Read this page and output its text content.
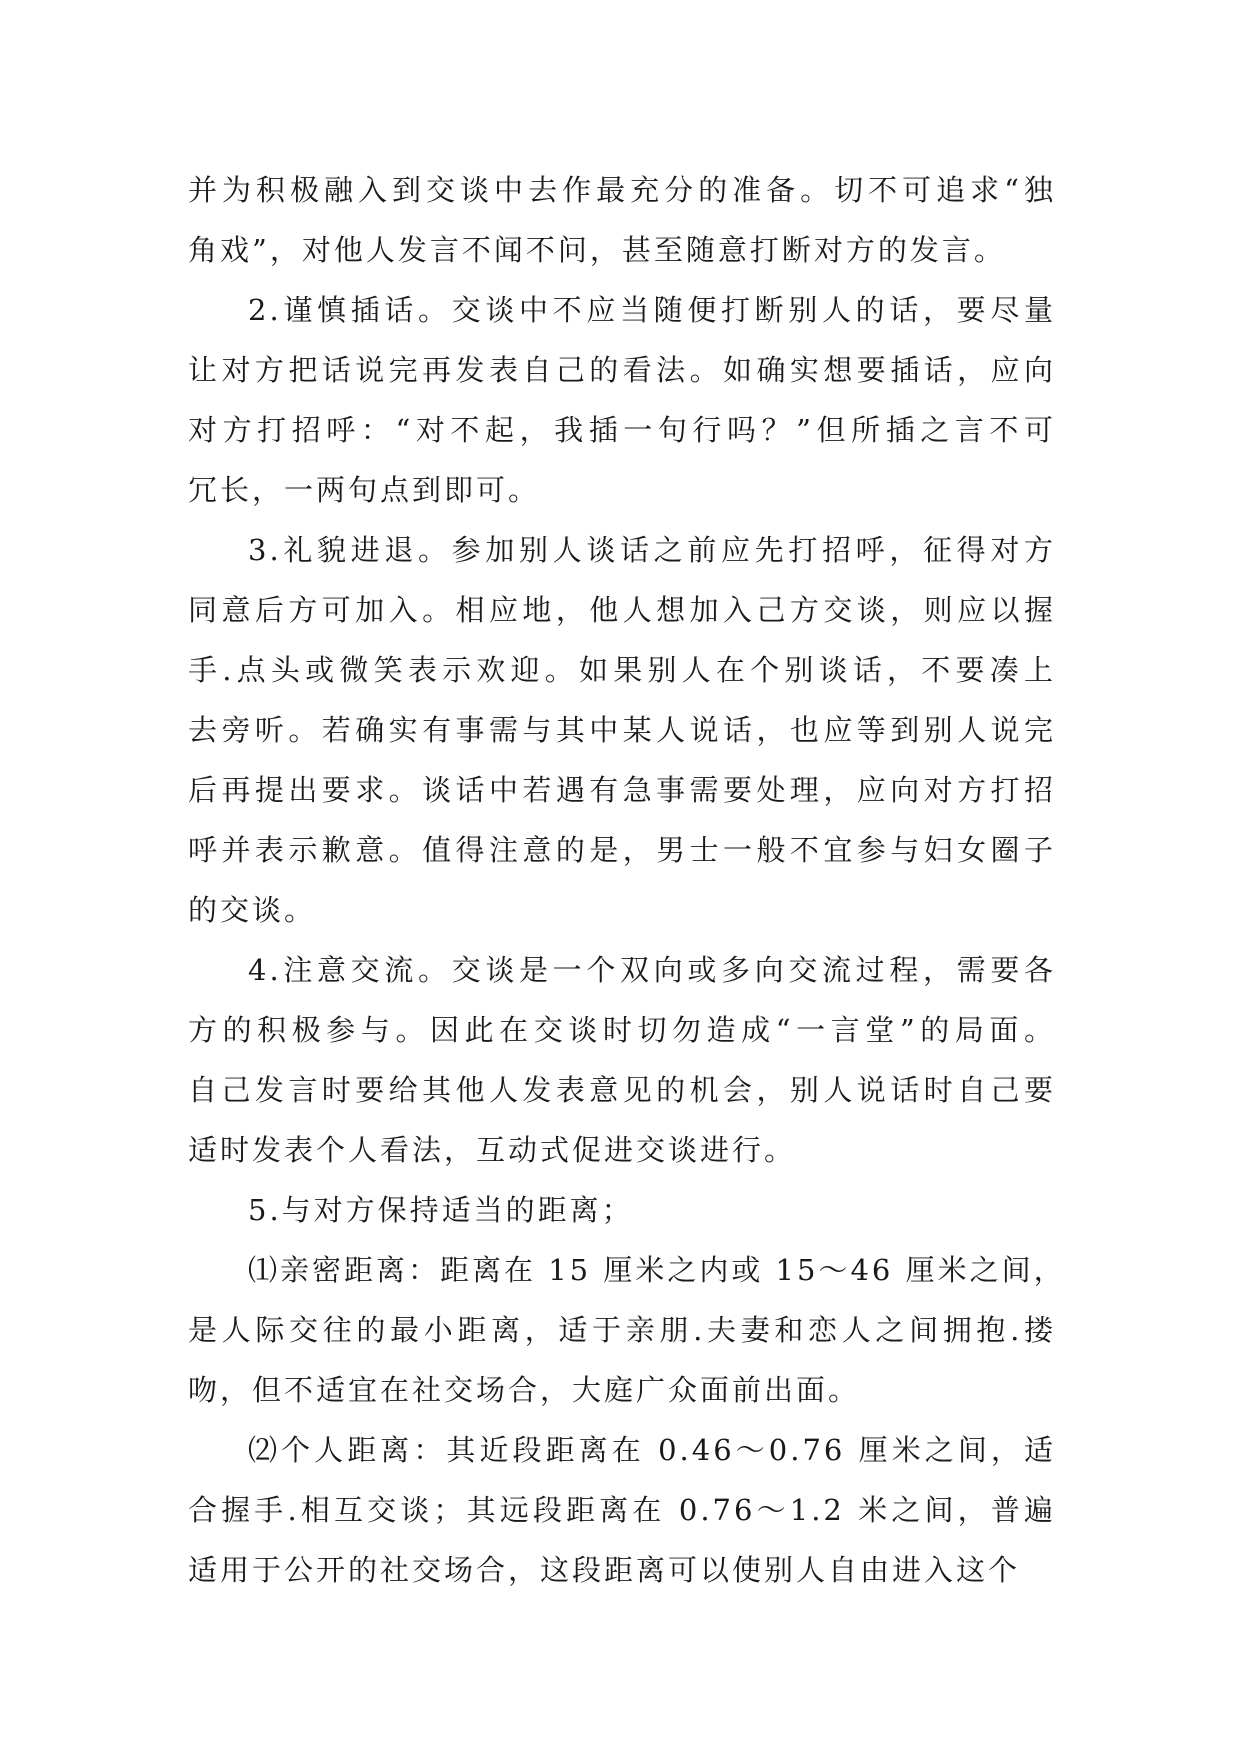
并为积极融入到交谈中去作最充分的准备。切不可追求“独
角戏”，对他人发言不闻不问，甚至随意打断对方的发言。
2.谨慎插话。交谈中不应当随便打断别人的话，要尽量
让对方把话说完再发表自己的看法。如确实想要插话，应向
对方打招呼：“对不起，我插一句行吗？”但所插之言不可
冗长，一两句点到即可。
3.礼貌进退。参加别人谈话之前应先打招呼，征得对方
同意后方可加入。相应地，他人想加入己方交谈，则应以握
手.点头或微笑表示欢迎。如果别人在个别谈话，不要凑上
去旁听。若确实有事需与其中某人说话，也应等到别人说完
后再提出要求。谈话中若遇有急事需要处理，应向对方打招
呼并表示歉意。值得注意的是，男士一般不宜参与妇女圈子
的交谈。
4.注意交流。交谈是一个双向或多向交流过程，需要各
方的积极参与。因此在交谈时切勿造成“一言堂”的局面。
自己发言时要给其他人发表意见的机会，别人说话时自己要
适时发表个人看法，互动式促进交谈进行。
5.与对方保持适当的距离；
⑴亲密距离：距离在 15 厘米之内或 15～46 厘米之间，
是人际交往的最小距离，适于亲朋.夫妻和恋人之间拥抱.搂
吻，但不适宜在社交场合，大庭广众面前出面。
⑵个人距离：其近段距离在 0.46～0.76 厘米之间，适
合握手.相互交谈；其远段距离在 0.76～1.2 米之间，普遍
适用于公开的社交场合，这段距离可以使别人自由进入这个
